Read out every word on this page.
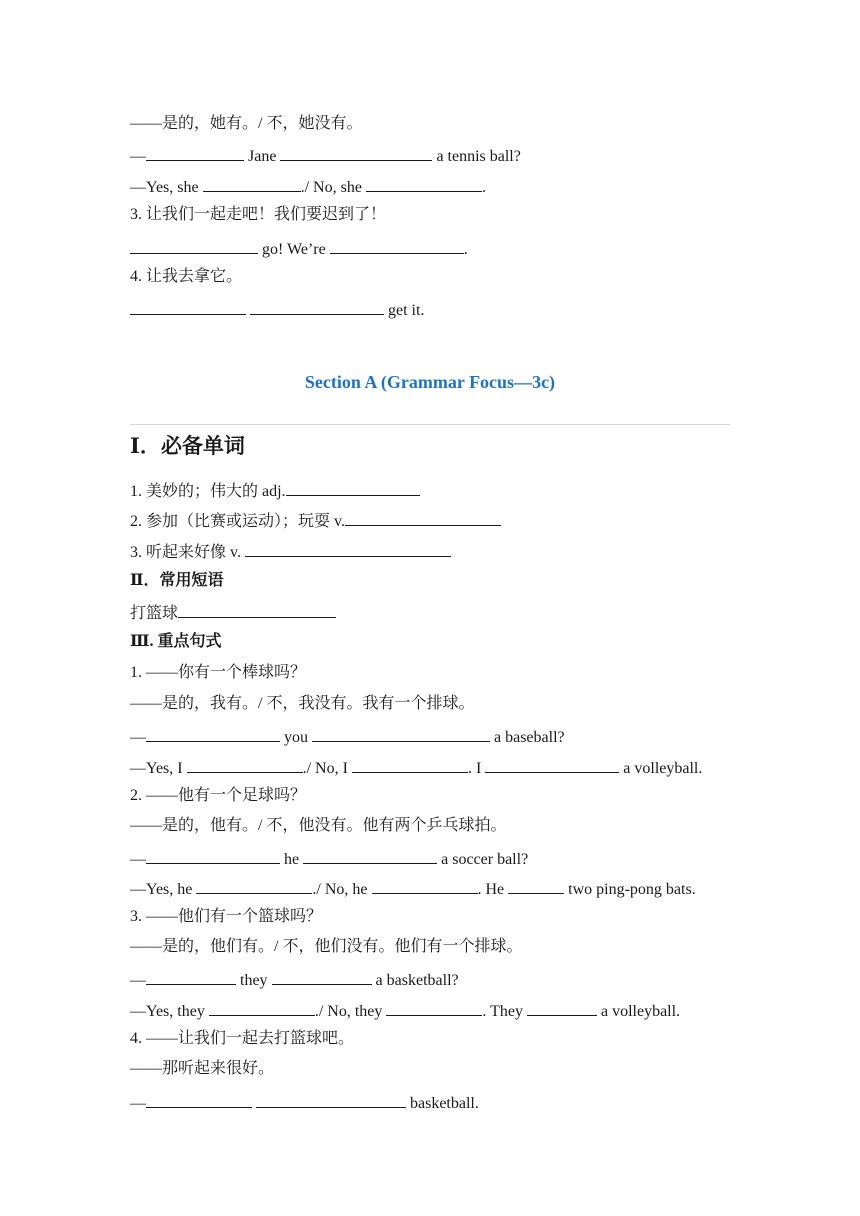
——是的，她有。/ 不，她没有。
—	Jane	a tennis ball?
—Yes, she	./ No, she	.
3. 让我们一起走吧！我们要迟到了！
go! We’re	.
4. 让我去拿它。
get it.
Section A (Grammar Focus—3c)
Ⅰ．必备单词
1. 美妙的；伟大的 adj.
2. 参加（比赛或运动）；玩耍 v.
3. 听起来好像 v.
Ⅱ．常用短语
打篮球
Ⅲ. 重点句式
1. ——你有一个棒球吗？
——是的，我有。/ 不，我没有。我有一个排球。
—	you	a baseball?
—Yes, I	./ No, I	. I	a volleyball.
2. ——他有一个足球吗？
——是的，他有。/ 不，他没有。他有两个乒乓球拍。
—	he	a soccer ball?
—Yes, he	./ No, he	. He	two ping-pong bats.
3. ——他们有一个篮球吗？
——是的，他们有。/ 不，他们没有。他们有一个排球。
—	they	a basketball?
—Yes, they	./ No, they	. They	a volleyball.
4. ——让我们一起去打篮球吧。
——那听起来很好。
—	basketball.
